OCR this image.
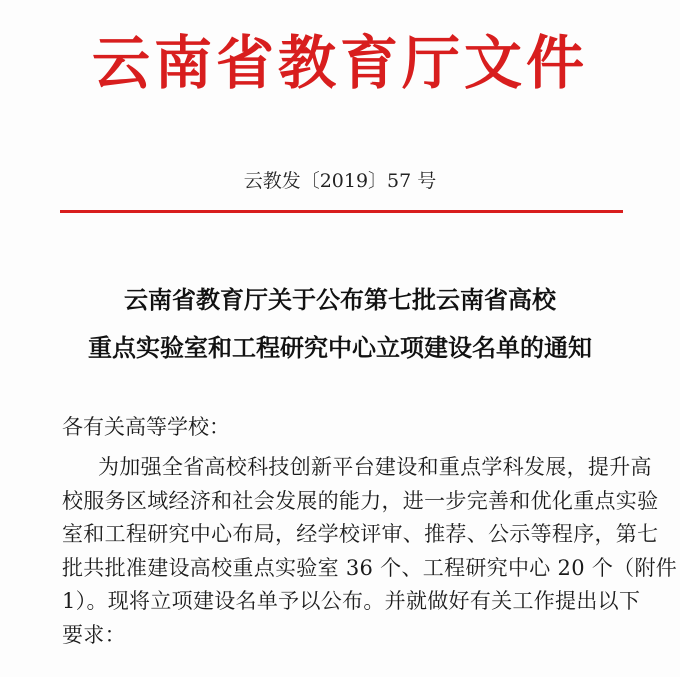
云南省教育厅文件
云教发〔2019〕57 号
云南省教育厅关于公布第七批云南省高校
重点实验室和工程研究中心立项建设名单的通知
各有关高等学校：
为加强全省高校科技创新平台建设和重点学科发展，提升高
校服务区域经济和社会发展的能力，进一步完善和优化重点实验
室和工程研究中心布局，经学校评审、推荐、公示等程序，第七
批共批准建设高校重点实验室 36 个、工程研究中心 20 个（附件
1）。现将立项建设名单予以公布。并就做好有关工作提出以下
要求：
